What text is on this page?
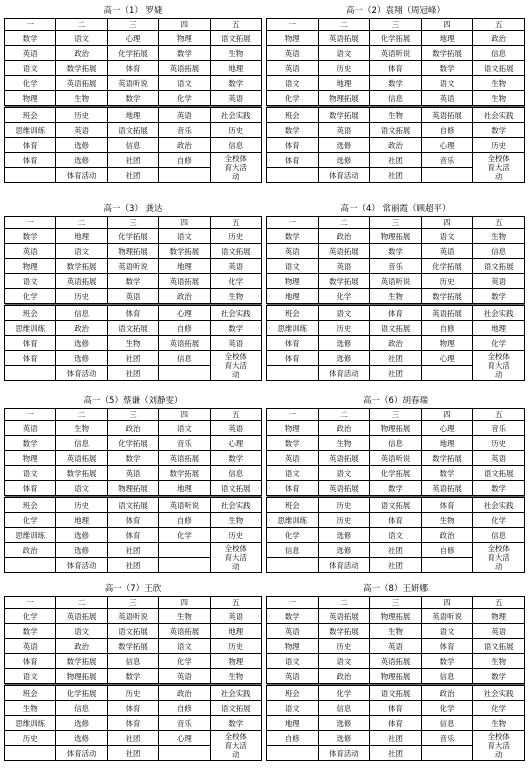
高一（1） 罗婕
一	二	三	四	五
数学	语文	心理	物理	语文拓展
英语	政治	化学拓展	数学	生物
语文	数学拓展	体育	英语拓展	地理
化学	英语拓展	英语听说	语文	数学
物理	生物	数学	化学	英语

班会	历史	地理	英语	社会实践
思维训练	英语	语文拓展	音乐	历史
体育	选修	信息	政治	信息
体育	选修	社团	自修	全校体育大活动
	体育活动	社团		
高一（2）袁翔（周冠峰）
一	二	三	四	五
物理	英语拓展	化学拓展	地理	政治
英语	语文	英语听说	数学拓展	信息
英语	历史	体育	数学	语文拓展
语文	地理	数学	语文	生物
化学	物理拓展	信息	英语	生物

班会	数学拓展	生物	英语拓展	社会实践
数学	英语	语文拓展	自修	数学
体育	选修	政治	心理	历史
体育	选修	社团	音乐	全校体育大活动
	体育活动	社团		
高一（3） 龚达
一	二	三	四	五
数学	地理	化学拓展	语文	历史
英语	语文	物理拓展	数学拓展	语文拓展
物理	数学拓展	英语听说	地理	英语
语文	英语拓展	数学	英语拓展	化学
化学	历史	英语	政治	生物

班会	信息	体育	心理	社会实践
思维训练	政治	语文拓展	自修	数学
体育	选修	生物	英语拓展	英语
体育	选修	社团	信息	全校体育大活动
	体育活动	社团		
高一（4） 常丽霞（顾超平）
一	二	三	四	五
数学	政治	物理拓展	语文	生物
英语	英语拓展	数学	英语	信息
语文	英语	音乐	化学拓展	语文拓展
物理	数学拓展	英语听说	历史	英语
地理	化学	生物	数学拓展	数学

班会	语文	体育	英语拓展	社会实践
思维训练	历史	语文拓展	自修	地理
体育	选修	政治	物理	化学
体育	选修	社团	心理	全校体育大活动
	体育活动	社团		
高一（5）蔡谦（刘静雯）
一	二	三	四	五
英语	生物	政治	语文	英语
数学	信息	化学拓展	音乐	心理
物理	英语拓展	数学	英语拓展	数学
语文	数学拓展	英语	数学拓展	信息
体育	语文	物理拓展	地理	语文拓展

班会	历史	语文拓展	英语听说	社会实践
化学	地理	体育	自修	生物
思维训练	选修	体育	化学	历史
政治	选修	社团		全校体育大活动
	体育活动	社团		
高一（6）胡春瑞
一	二	三	四	五
物理	政治	物理拓展	心理	音乐
数学	生物	信息	地理	历史
英语	英语拓展	英语听说	数学拓展	英语
语文	语文	化学拓展	数学	语文拓展
体育	英语拓展	数学	英语拓展	数学

班会	历史	语文拓展	体育	社会实践
思维训练	历史	体育	生物	化学
化学	选修	语文	政治	信息
信息	选修	社团	自修	全校体育大活动
	体育活动	社团		
高一（7）王欣
一	二	三	四	五
化学	英语拓展	英语听说	生物	英语
数学	语文	语文拓展	英语拓展	地理
英语	政治	数学拓展	语文	历史
体育	数学拓展	信息	化学	物理
语文	物理拓展	数学	英语	生物

班会	化学拓展	历史	政治	社会实践
生物	信息	体育	自修	语文拓展
思维训练	选修	体育	音乐	数学
历史	选修	社团	心理	全校体育大活动
	体育活动	社团		
高一（8）王妍娜
一	二	三	四	五
数学	英语拓展	物理拓展	英语听说	物理
英语	数学拓展	生物	语文	英语
物理	历史	英语	体育	语文拓展
语文	语文	英语拓展	数学	生物
英语	政治	物理拓展	信息	数学

班会	化学	语文拓展	政治	社会实践
语文	信息	体育	化学	化学
地理	选修	体育	信息	生物
自修	选修	社团	音乐	全校体育大活动
	体育活动	社团		
